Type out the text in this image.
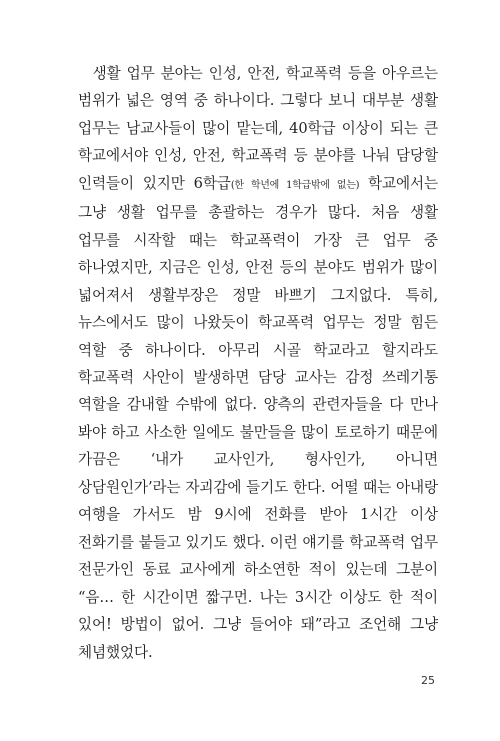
생활 업무 분야는 인성, 안전, 학교폭력 등을 아우르는 범위가 넓은 영역 중 하나이다. 그렇다 보니 대부분 생활 업무는 남교사들이 많이 맡는데, 40학급 이상이 되는 큰 학교에서야 인성, 안전, 학교폭력 등 분야를 나눠 담당할 인력들이 있지만 6학급(한 학년에 1학급밖에 없는) 학교에서는 그냥 생활 업무를 총괄하는 경우가 많다. 처음 생활 업무를 시작할 때는 학교폭력이 가장 큰 업무 중 하나였지만, 지금은 인성, 안전 등의 분야도 범위가 많이 넓어져서 생활부장은 정말 바쁘기 그지없다. 특히, 뉴스에서도 많이 나왔듯이 학교폭력 업무는 정말 힘든 역할 중 하나이다. 아무리 시골 학교라고 할지라도 학교폭력 사안이 발생하면 담당 교사는 감정 쓰레기통 역할을 감내할 수밖에 없다. 양측의 관련자들을 다 만나 봐야 하고 사소한 일에도 불만들을 많이 토로하기 때문에 가끔은 ‘내가 교사인가, 형사인가, 아니면 상담원인가’라는 자괴감에 들기도 한다. 어떨 때는 아내랑 여행을 가서도 밤 9시에 전화를 받아 1시간 이상 전화기를 붙들고 있기도 했다. 이런 얘기를 학교폭력 업무 전문가인 동료 교사에게 하소연한 적이 있는데 그분이 “음… 한 시간이면 짧구먼. 나는 3시간 이상도 한 적이 있어! 방법이 없어. 그냥 들어야 돼”라고 조언해 그냥 체념했었다.

25
